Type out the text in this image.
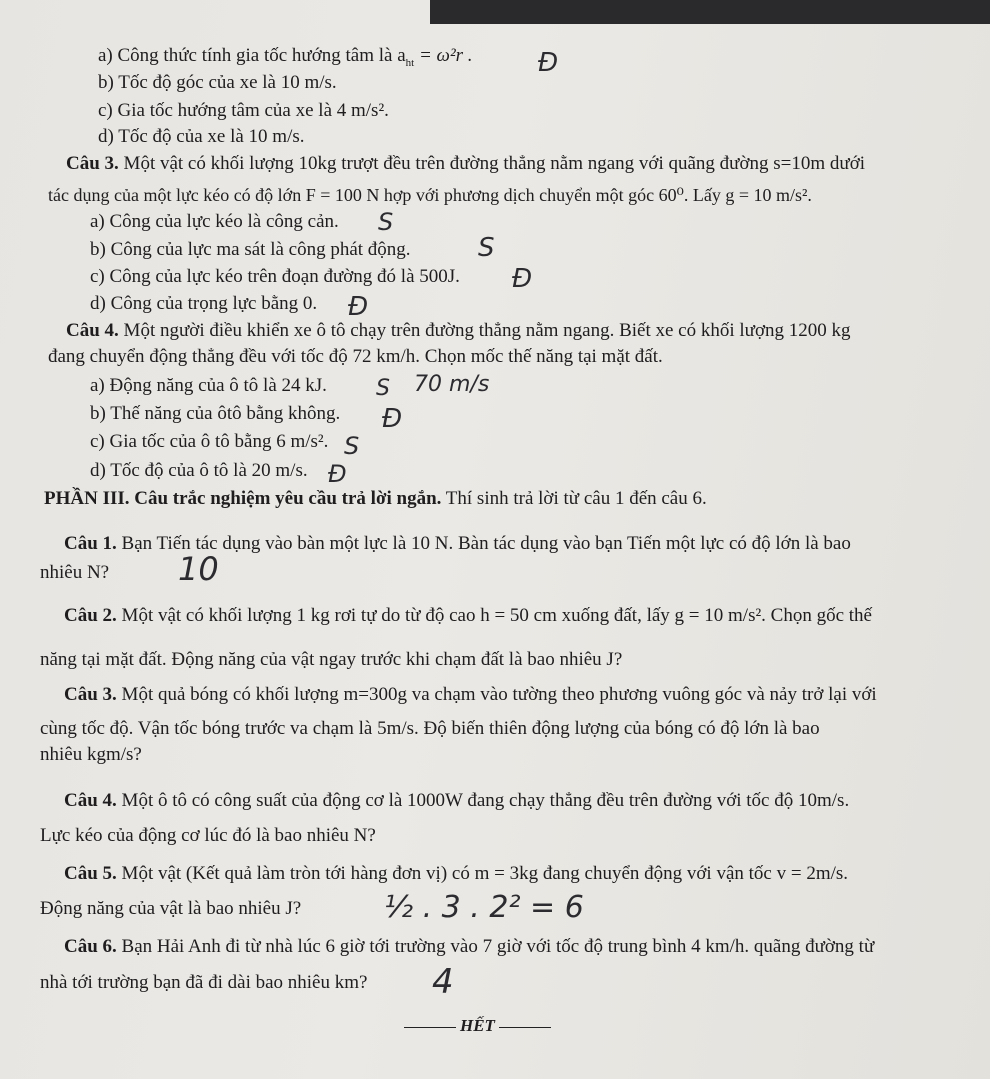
a) Công thức tính gia tốc hướng tâm là $a_{ht} = \omega^2r$ .
b) Tốc độ góc của xe là 10 m/s.
c) Gia tốc hướng tâm của xe là 4 m/s².
d) Tốc độ của xe là 10 m/s.
Câu 3. Một vật có khối lượng 10kg trượt đều trên đường thẳng nằm ngang với quãng đường s=10m dưới
tác dụng của một lực kéo có độ lớn F = 100 N hợp với phương dịch chuyển một góc 60⁰. Lấy g = 10 m/s².
a) Công của lực kéo là công cản.
b) Công của lực ma sát là công phát động.
c) Công của lực kéo trên đoạn đường đó là 500J.
d) Công của trọng lực bằng 0.
Câu 4. Một người điều khiển xe ô tô chạy trên đường thẳng nằm ngang. Biết xe có khối lượng 1200 kg
đang chuyển động thẳng đều với tốc độ 72 km/h. Chọn mốc thế năng tại mặt đất.
a) Động năng của ô tô là 24 kJ.
b) Thế năng của ôtô bằng không.
c) Gia tốc của ô tô bằng 6 m/s².
d) Tốc độ của ô tô là 20 m/s.
PHẦN III. Câu trắc nghiệm yêu cầu trả lời ngắn. Thí sinh trả lời từ câu 1 đến câu 6.
Câu 1. Bạn Tiến tác dụng vào bàn một lực là 10 N. Bàn tác dụng vào bạn Tiến một lực có độ lớn là bao
nhiêu N?
Câu 2. Một vật có khối lượng 1 kg rơi tự do từ độ cao h = 50 cm xuống đất, lấy g = 10 m/s². Chọn gốc thế
năng tại mặt đất. Động năng của vật ngay trước khi chạm đất là bao nhiêu J?
Câu 3. Một quả bóng có khối lượng m=300g va chạm vào tường theo phương vuông góc và nảy trở lại với
cùng tốc độ. Vận tốc bóng trước va chạm là 5m/s. Độ biến thiên động lượng của bóng có độ lớn là bao
nhiêu kgm/s?
Câu 4. Một ô tô có công suất của động cơ là 1000W đang chạy thẳng đều trên đường với tốc độ 10m/s.
Lực kéo của động cơ lúc đó là bao nhiêu N?
Câu 5. Một vật (Kết quả làm tròn tới hàng đơn vị) có m = 3kg đang chuyển động với vận tốc v = 2m/s.
Động năng của vật là bao nhiêu J?
Câu 6. Bạn Hải Anh đi từ nhà lúc 6 giờ tới trường vào 7 giờ với tốc độ trung bình 4 km/h. quãng đường từ
nhà tới trường bạn đã đi dài bao nhiêu km?
Đ
S
S
Đ
Đ
S 70 m/s
Đ
S
Đ
10
½ . 3 . 2² = 6
4
HẾT
